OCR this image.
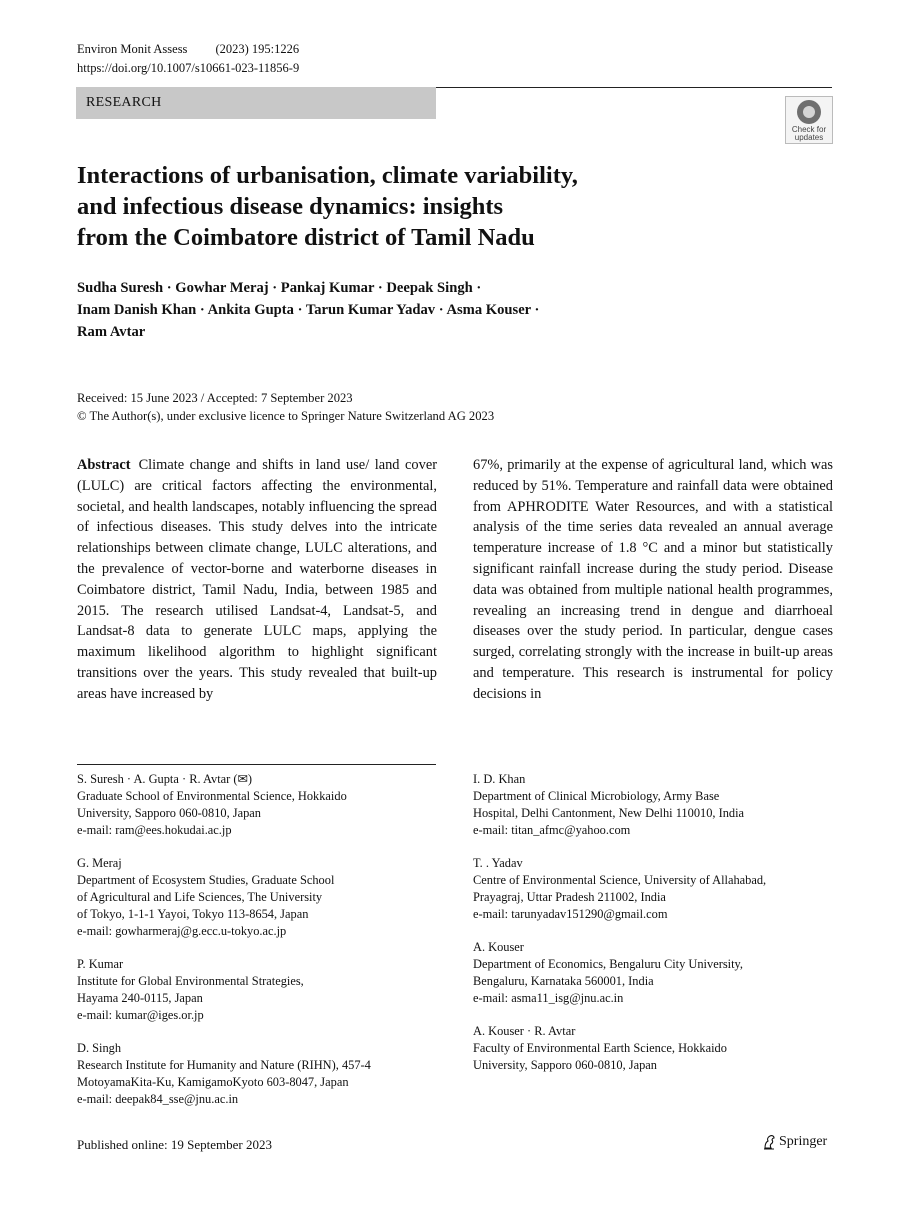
Environ Monit Assess (2023) 195:1226
https://doi.org/10.1007/s10661-023-11856-9
RESEARCH
Check for
updates
Interactions of urbanisation, climate variability,
and infectious disease dynamics: insights
from the Coimbatore district of Tamil Nadu
Sudha Suresh · Gowhar Meraj · Pankaj Kumar · Deepak Singh ·
Inam Danish Khan · Ankita Gupta · Tarun Kumar Yadav · Asma Kouser ·
Ram Avtar
Received: 15 June 2023 / Accepted: 7 September 2023
© The Author(s), under exclusive licence to Springer Nature Switzerland AG 2023
Abstract Climate change and shifts in land use/ land cover (LULC) are critical factors affecting the environmental, societal, and health landscapes, notably influencing the spread of infectious diseases. This study delves into the intricate relationships between climate change, LULC alterations, and the prevalence of vector-borne and waterborne diseases in Coimbatore district, Tamil Nadu, India, between 1985 and 2015. The research utilised Landsat-4, Landsat-5, and Landsat-8 data to generate LULC maps, applying the maximum likelihood algorithm to highlight significant transitions over the years. This study revealed that built-up areas have increased by
67%, primarily at the expense of agricultural land, which was reduced by 51%. Temperature and rainfall data were obtained from APHRODITE Water Resources, and with a statistical analysis of the time series data revealed an annual average temperature increase of 1.8 °C and a minor but statistically significant rainfall increase during the study period. Disease data was obtained from multiple national health programmes, revealing an increasing trend in dengue and diarrhoeal diseases over the study period. In particular, dengue cases surged, correlating strongly with the increase in built-up areas and temperature. This research is instrumental for policy decisions in
S. Suresh · A. Gupta · R. Avtar (✉)
Graduate School of Environmental Science, Hokkaido
University, Sapporo 060-0810, Japan
e-mail: ram@ees.hokudai.ac.jp
G. Meraj
Department of Ecosystem Studies, Graduate School
of Agricultural and Life Sciences, The University
of Tokyo, 1-1-1 Yayoi, Tokyo 113-8654, Japan
e-mail: gowharmeraj@g.ecc.u-tokyo.ac.jp
P. Kumar
Institute for Global Environmental Strategies,
Hayama 240-0115, Japan
e-mail: kumar@iges.or.jp
D. Singh
Research Institute for Humanity and Nature (RIHN), 457-4
MotoyamaKita-Ku, KamigamoKyoto 603-8047, Japan
e-mail: deepak84_sse@jnu.ac.in
I. D. Khan
Department of Clinical Microbiology, Army Base
Hospital, Delhi Cantonment, New Delhi 110010, India
e-mail: titan_afmc@yahoo.com
T. . Yadav
Centre of Environmental Science, University of Allahabad,
Prayagraj, Uttar Pradesh 211002, India
e-mail: tarunyadav151290@gmail.com
A. Kouser
Department of Economics, Bengaluru City University,
Bengaluru, Karnataka 560001, India
e-mail: asma11_isg@jnu.ac.in
A. Kouser · R. Avtar
Faculty of Environmental Earth Science, Hokkaido
University, Sapporo 060-0810, Japan
Published online: 19 September 2023	Springer
